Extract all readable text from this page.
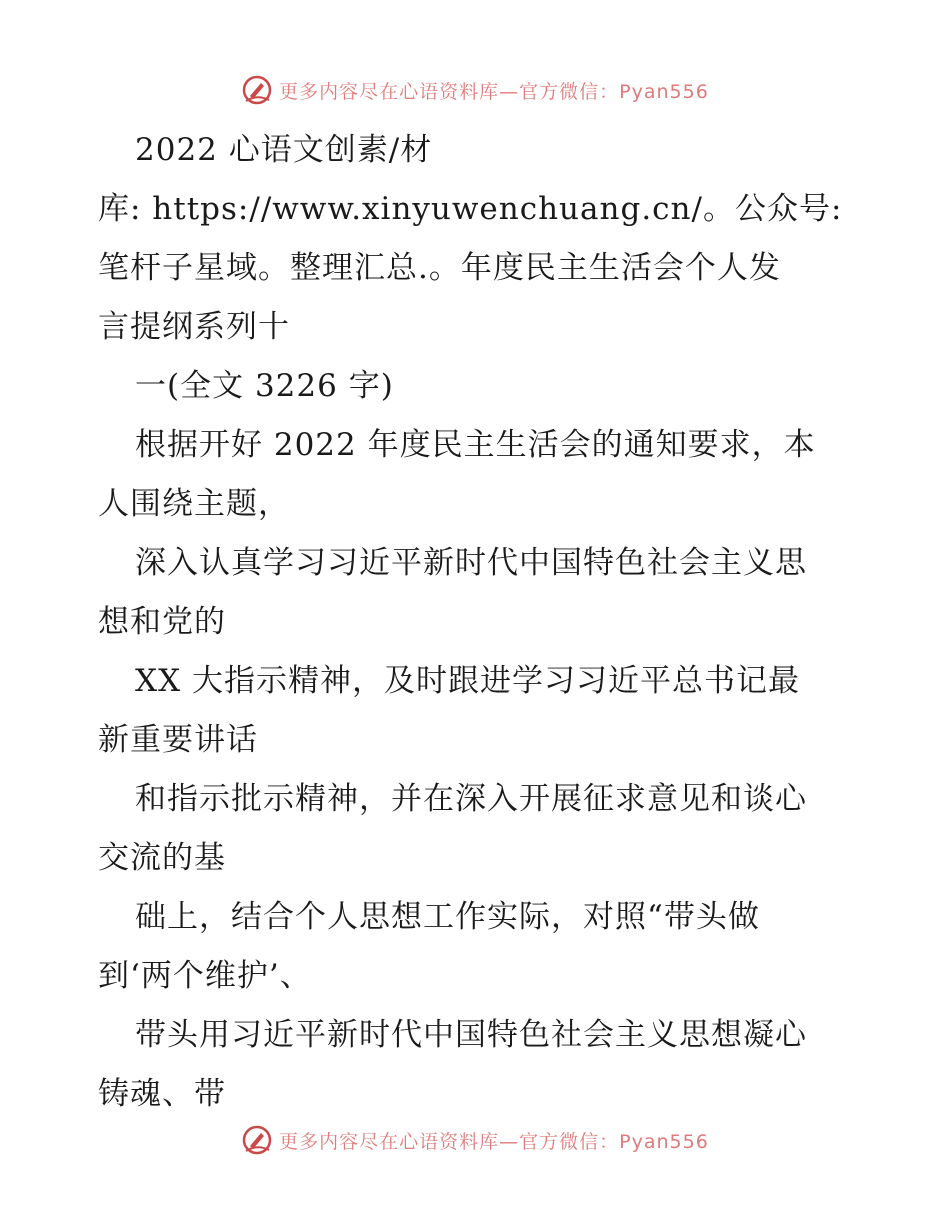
更多内容尽在心语资料库—官方微信：Pyan556
2022 心语文创素/材
库: https://www.xinyuwenchuang.cn/。公众号:
笔杆子星域。整理汇总.。年度民主生活会个人发
言提纲系列十
一(全文 3226 字)
根据开好 2022 年度民主生活会的通知要求，本
人围绕主题，
深入认真学习习近平新时代中国特色社会主义思
想和党的
XX 大指示精神，及时跟进学习习近平总书记最
新重要讲话
和指示批示精神，并在深入开展征求意见和谈心
交流的基
础上，结合个人思想工作实际，对照“带头做
到‘两个维护’、
带头用习近平新时代中国特色社会主义思想凝心
铸魂、带
更多内容尽在心语资料库—官方微信：Pyan556
